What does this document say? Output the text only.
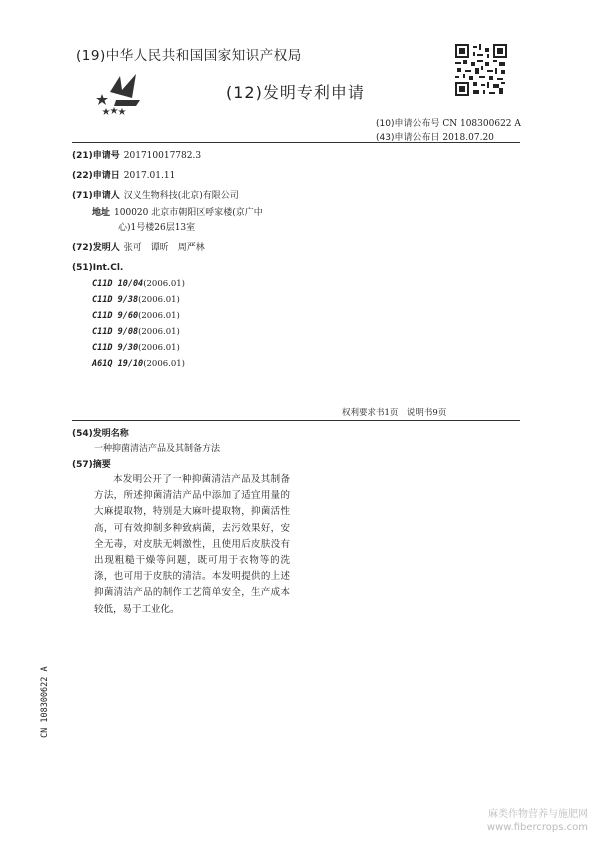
(19)中华人民共和国国家知识产权局
(12)发明专利申请
(10)申请公布号 CN 108300622 A
(43)申请公布日 2018.07.20
(21)申请号 201710017782.3
(22)申请日 2017.01.11
(71)申请人 汉义生物科技(北京)有限公司
地址 100020 北京市朝阳区呼家楼(京广中
心)1号楼26层13室
(72)发明人 张可　谭昕　周严林
(51)Int.Cl.
C11D 10/04(2006.01)
C11D 9/38(2006.01)
C11D 9/60(2006.01)
C11D 9/08(2006.01)
C11D 9/30(2006.01)
A61Q 19/10(2006.01)
权利要求书1页　说明书9页
(54)发明名称
一种抑菌清洁产品及其制备方法
(57)摘要

本发明公开了一种抑菌清洁产品及其制备方法，所述抑菌清洁产品中添加了适宜用量的大麻提取物，特别是大麻叶提取物，抑菌活性高，可有效抑制多种致病菌，去污效果好，安全无毒，对皮肤无刺激性，且使用后皮肤没有出现粗糙干燥等问题，既可用于衣物等的洗涤，也可用于皮肤的清洁。本发明提供的上述抑菌清洁产品的制作工艺简单安全，生产成本较低，易于工业化。

CN 108300622 A
麻类作物营养与施肥网
www.fibercrops.com
